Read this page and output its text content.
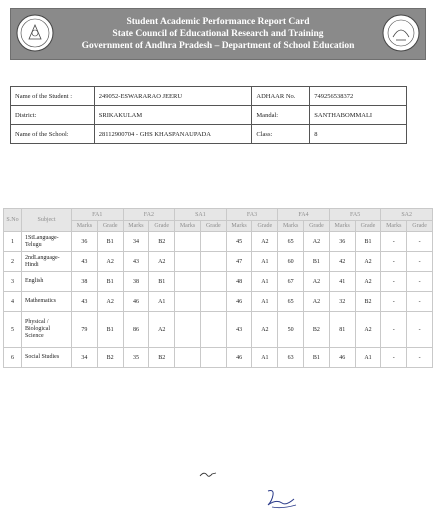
Student Academic Performance Report Card
State Council of Educational Research and Training
Government of Andhra Pradesh – Department of School Education
Name of the Student :	249052-ESWARARAO JEERU	ADHAAR No.	749256538372
District:	SRIKAKULAM	Mandal:	SANTHABOMMALI
Name of the School:	28112900704 - GHS KHASPANAUPADA	Class:	8
S.No	Subject	FA1		FA2		SA1		FA3		FA4		FA5		SA2	
		Marks	Grade	Marks	Grade	Marks	Grade	Marks	Grade	Marks	Grade	Marks	Grade	Marks	Grade
1	1StLanguage-Telugu	36	B1	34	B2			45	A2	65	A2	36	B1	-	-
2	2ndLanguage-Hindi	43	A2	43	A2			47	A1	60	B1	42	A2	-	-
3	English	38	B1	38	B1			48	A1	67	A2	41	A2	-	-
4	Mathematics	43	A2	46	A1			46	A1	65	A2	32	B2	-	-
5	Physical / Biological Science	79	B1	86	A2			43	A2	50	B2	81	A2	-	-
6	Social Studies	34	B2	35	B2			46	A1	63	B1	46	A1	-	-
